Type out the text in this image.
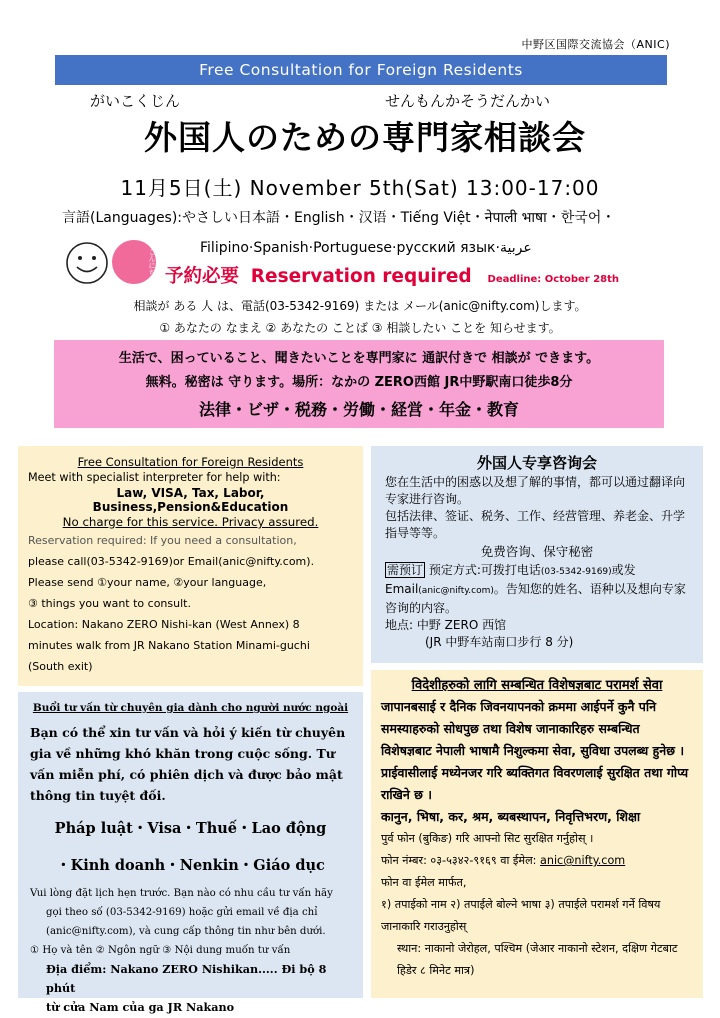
中野区国際交流協会（ANIC)
Free Consultation for Foreign Residents
がいこくじん	せんもんかそうだんかい
外国人のための専門家相談会
11月5日(土) November 5th(Sat) 13:00-17:00
言語(Languages):やさしい日本語・English・汉语・Tiếng Việt・नेपाली भाषा・한국어・
こんにちは	Filipino·Spanish·Portuguese·русский язык·عربية
予約必要 Reservation required Deadline: October 28th
相談が ある 人 は、電話(03-5342-9169) または メール(anic@nifty.com)します。
① あなたの なまえ ② あなたの ことば ③ 相談したい ことを 知らせます。
生活で、困っていること、聞きたいことを専門家に 通訳付きで 相談が できます。
無料。秘密は 守ります。場所：なかの ZERO西館 JR中野駅南口徒歩8分
法律・ビザ・税務・労働・経営・年金・教育
Free Consultation for Foreign Residents
Meet with specialist interpreter for help with:
Law, VISA, Tax, Labor,
Business,Pension&Education
No charge for this service. Privacy assured.
Reservation required: If you need a consultation,
please call(03-5342-9169)or Email(anic@nifty.com).
Please send ①your name, ②your language,
③ things you want to consult.
Location: Nakano ZERO Nishi-kan (West Annex) 8
minutes walk from JR Nakano Station Minami-guchi
(South exit)
外国人专享咨询会
您在生活中的困惑以及想了解的事情，都可以通过翻译向专家进行咨询。
包括法律、签证、税务、工作、经营管理、养老金、升学指导等等。
免费咨询、保守秘密
需预订 预定方式:可拨打电话(03-5342-9169)或发
Email(anic@nifty.com)。告知您的姓名、语种以及想向专家咨询的内容。
地点: 中野 ZERO 西馆
(JR 中野车站南口步行 8 分)
Buổi tư vấn từ chuyên gia dành cho người nước ngoài
Bạn có thể xin tư vấn và hỏi ý kiến từ chuyên gia về những khó khăn trong cuộc sống. Tư vấn miễn phí, có phiên dịch và được bảo mật thông tin tuyệt đối.
Pháp luật・Visa・Thuế・Lao động
・Kinh doanh・Nenkin・Giáo dục
Vui lòng đặt lịch hẹn trước. Bạn nào có nhu cầu tư vấn hãy
gọi theo số (03-5342-9169) hoặc gửi email về địa chỉ
(anic@nifty.com), và cung cấp thông tin như bên dưới.
① Họ và tên ② Ngôn ngữ ③ Nội dung muốn tư vấn
Địa điểm: Nakano ZERO Nishikan..... Đi bộ 8 phút
từ cửa Nam của ga JR Nakano
विदेशीहरुको लागि सम्बन्धित विशेषज्ञबाट परामर्श सेवा
जापानबसाई र दैनिक जिवनयापनको क्रममा आईपर्ने कुनै पनि समस्याहरुको सोधपुछ तथा विशेष जानाकारिहरु सम्बन्धित विशेषज्ञबाट नेपाली भाषामै निशुल्कमा सेवा, सुविधा उपलब्ध हुनेछ । प्राईवासीलाई मध्येनजर गरि ब्यक्तिगत विवरणलाई सुरक्षित तथा गोप्य राखिने छ ।
कानुन, भिषा, कर, श्रम, ब्यबस्थापन, निवृत्तिभरण, शिक्षा
पुर्व फोन (बुकिङ) गरि आफ्नो सिट सुरक्षित गर्नुहोस् ।
फोन नंम्बर: ०३-५३४२-९१६९ वा ईमेल: anic@nifty.com
फोन वा ईमेल मार्फत,
१) तपाईको नाम २) तपाईले बोल्ने भाषा ३) तपाईले परामर्श गर्ने विषय जानाकारि गराउनुहोस्
स्थान: नाकानो जेरोहल, पश्चिम (जेआर नाकानो स्टेशन, दक्षिण गेटबाट हिडेर ८ मिनेट मात्र)
